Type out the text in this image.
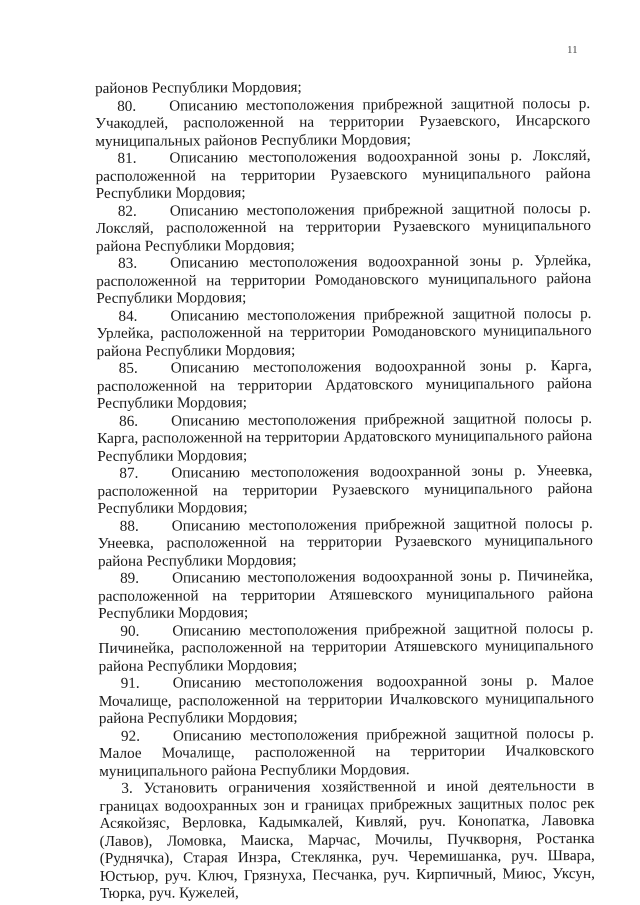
11

районов Республики Мордовия;

80. Описанию местоположения прибрежной защитной полосы р. Учакодлей, расположенной на территории Рузаевского, Инсарского муниципальных районов Республики Мордовия;

81. Описанию местоположения водоохранной зоны р. Локсляй, расположенной на территории Рузаевского муниципального района Республики Мордовия;

82. Описанию местоположения прибрежной защитной полосы р. Локсляй, расположенной на территории Рузаевского муниципального района Республики Мордовия;

83. Описанию местоположения водоохранной зоны р. Урлейка, расположенной на территории Ромодановского муниципального района Республики Мордовия;

84. Описанию местоположения прибрежной защитной полосы р. Урлейка, расположенной на территории Ромодановского муниципального района Республики Мордовия;

85. Описанию местоположения водоохранной зоны р. Карга, расположенной на территории Ардатовского муниципального района Республики Мордовия;

86. Описанию местоположения прибрежной защитной полосы р. Карга, расположенной на территории Ардатовского муниципального района Республики Мордовия;

87. Описанию местоположения водоохранной зоны р. Унеевка, расположенной на территории Рузаевского муниципального района Республики Мордовия;

88. Описанию местоположения прибрежной защитной полосы р. Унеевка, расположенной на территории Рузаевского муниципального района Республики Мордовия;

89. Описанию местоположения водоохранной зоны р. Пичинейка, расположенной на территории Атяшевского муниципального района Республики Мордовия;

90. Описанию местоположения прибрежной защитной полосы р. Пичинейка, расположенной на территории Атяшевского муниципального района Республики Мордовия;

91. Описанию местоположения водоохранной зоны р. Малое Мочалище, расположенной на территории Ичалковского муниципального района Республики Мордовия;

92. Описанию местоположения прибрежной защитной полосы р. Малое Мочалище, расположенной на территории Ичалковского муниципального района Республики Мордовия.

3. Установить ограничения хозяйственной и иной деятельности в границах водоохранных зон и границах прибрежных защитных полос рек Асякойзяс, Верловка, Кадымкалей, Кивляй, руч. Конопатка, Лавовка (Лавов), Ломовка, Маиска, Марчас, Мочилы, Пучкворня, Ростанка (Руднячка), Старая Инзра, Стеклянка, руч. Черемишанка, руч. Швара, Юстьюр, руч. Ключ, Грязнуха, Песчанка, руч. Кирпичный, Миюс, Уксун, Тюрка, руч. Кужелей,
